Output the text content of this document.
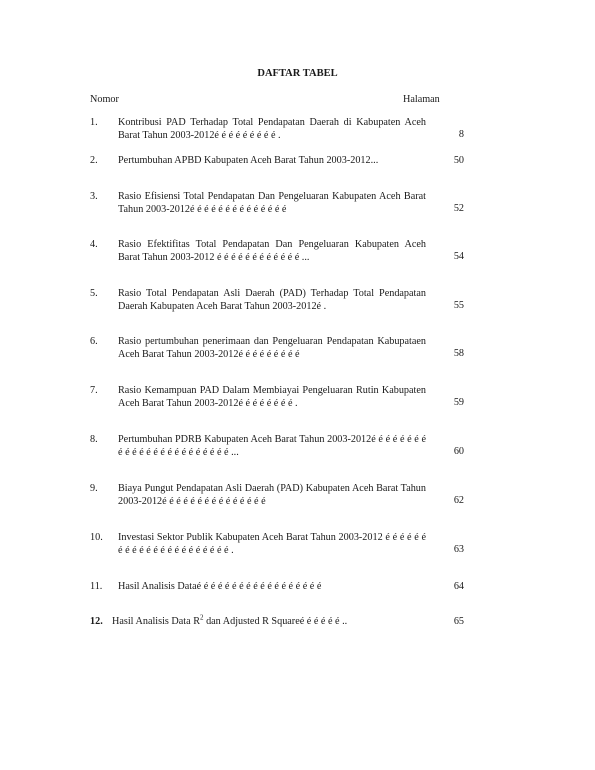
DAFTAR TABEL
Nomor	Halaman
1. Kontribusi PAD Terhadap Total Pendapatan Daerah di Kabupaten Aceh Barat Tahun 2003-2012é é é é é é é é é .	8
2. Pertumbuhan APBD Kabupaten Aceh Barat Tahun 2003-2012...	50
3. Rasio Efisiensi Total Pendapatan Dan Pengeluaran Kabupaten Aceh Barat Tahun 2003-2012é é é é é é é é é é é é é é	52
4. Rasio Efektifitas Total Pendapatan Dan Pengeluaran Kabupaten Aceh Barat Tahun 2003-2012 é é é é é é é é é é é é ...	54
5. Rasio Total Pendapatan Asli Daerah (PAD) Terhadap Total Pendapatan Daerah Kabupaten Aceh Barat Tahun 2003-2012é .	55
6. Rasio pertumbuhan penerimaan dan Pengeluaran Pendapatan Kabupataen Aceh Barat Tahun 2003-2012é é é é é é é é é	58
7. Rasio Kemampuan PAD Dalam Membiayai Pengeluaran Rutin Kabupaten Aceh Barat Tahun 2003-2012é é é é é é é é .	59
8. Pertumbuhan PDRB Kabupaten Aceh Barat Tahun 2003-2012é é é é é é é é é é é é é é é é é é é é é é é é ...	60
9. Biaya Pungut Pendapatan Asli Daerah (PAD) Kabupaten Aceh Barat Tahun 2003-2012é é é é é é é é é é é é é é é	62
10. Investasi Sektor Publik Kabupaten Aceh Barat Tahun 2003-2012 é é é é é é é é é é é é é é é é é é é é é é .	63
11. Hasil Analisis Dataé é é é é é é é é é é é é é é é é é	64
12. Hasil Analisis Data $R^2$ dan Adjusted R Squareé é é é é é ..	65
